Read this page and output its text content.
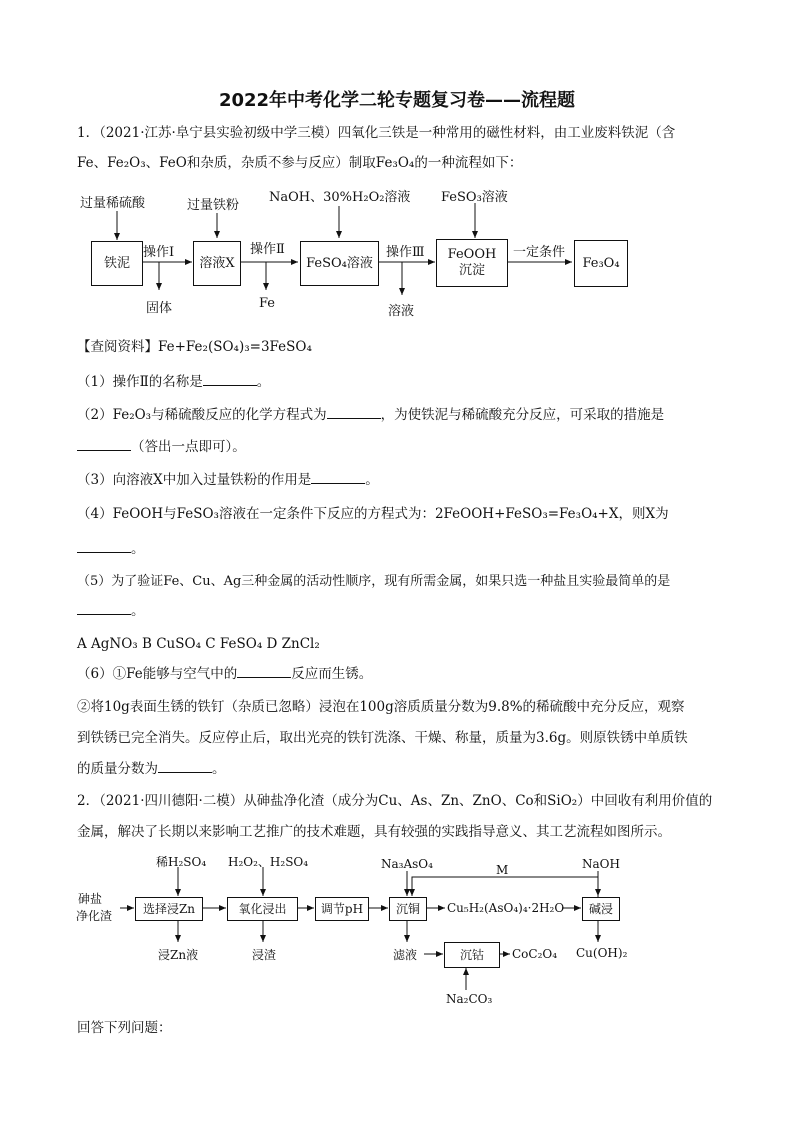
2022年中考化学二轮专题复习卷——流程题
1．（2021·江苏·阜宁县实验初级中学三模）四氧化三铁是一种常用的磁性材料，由工业废料铁泥（含
Fe、Fe₂O₃、FeO和杂质，杂质不参与反应）制取Fe₃O₄的一种流程如下：
过量稀硫酸	过量铁粉
NaOH、30%H₂O₂溶液 FeSO₃溶液
铁泥	溶液X	FeSO₄溶液
FeOOH
沉淀	Fe₃O₄
操作Ⅰ	操作Ⅱ	操作Ⅲ	一定条件
固体	Fe
溶液
【查阅资料】Fe+Fe₂(SO₄)₃=3FeSO₄
（1）操作Ⅱ的名称是	。
（2）Fe₂O₃与稀硫酸反应的化学方程式为	，为使铁泥与稀硫酸充分反应，可采取的措施是
（答出一点即可）。
（3）向溶液X中加入过量铁粉的作用是	。
（4）FeOOH与FeSO₃溶液在一定条件下反应的方程式为：2FeOOH+FeSO₃=Fe₃O₄+X，则X为
。
（5）为了验证Fe、Cu、Ag三种金属的活动性顺序，现有所需金属，如果只选一种盐且实验最简单的是
。
A AgNO₃ B CuSO₄ C FeSO₄ D ZnCl₂
（6）①Fe能够与空气中的	反应而生锈。
②将10g表面生锈的铁钉（杂质已忽略）浸泡在100g溶质质量分数为9.8%的稀硫酸中充分反应，观察
到铁锈已完全消失。反应停止后，取出光亮的铁钉洗涤、干燥、称量，质量为3.6g。则原铁锈中单质铁
的质量分数为	。
2．（2021·四川德阳·二模）从砷盐净化渣（成分为Cu、As、Zn、ZnO、Co和SiO₂）中回收有利用价值的
金属，解决了长期以来影响工艺推广的技术难题，具有较强的实践指导意义、其工艺流程如图所示。
砷盐
净化渣
稀H₂SO₄ H₂O₂、H₂SO₄	Na₃AsO₄	NaOH
M
选择浸Zn	氧化浸出	调节pH	沉铜	Cu₅H₂(AsO₄)₄·2H₂O	碱浸
浸Zn液	浸渣	滤液	沉钴	CoC₂O₄ Cu(OH)₂
Na₂CO₃
回答下列问题：
